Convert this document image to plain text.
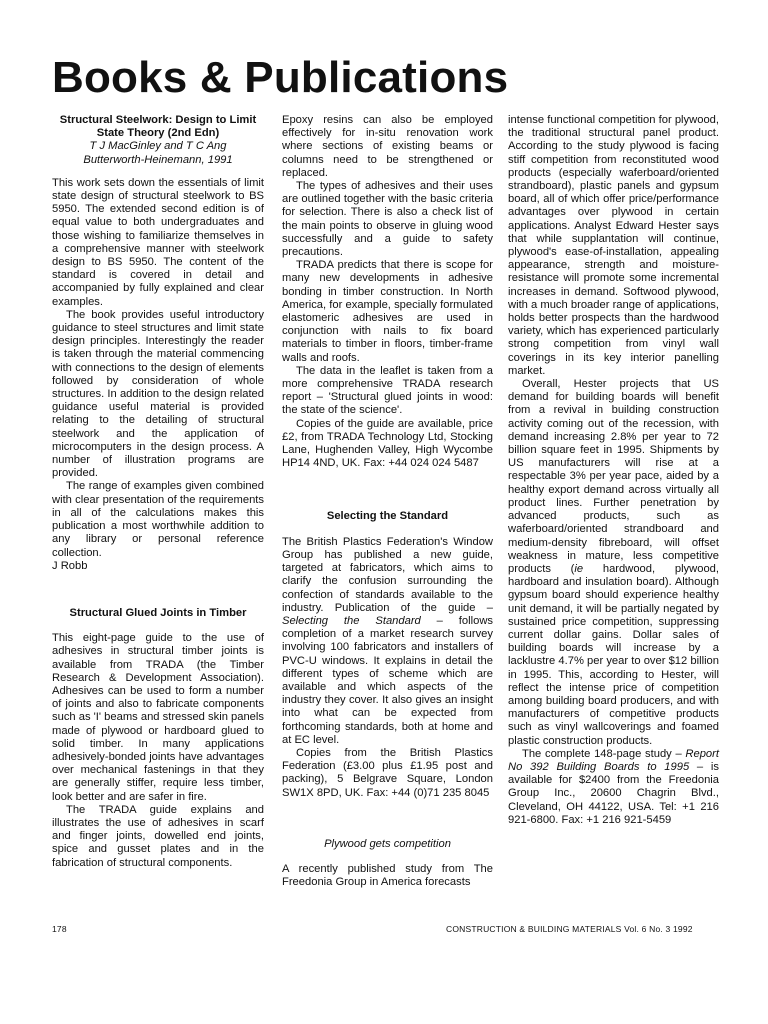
Books & Publications
Structural Steelwork: Design to Limit State Theory (2nd Edn)
T J MacGinley and T C Ang
Butterworth-Heinemann, 1991

This work sets down the essentials of limit state design of structural steelwork to BS 5950. The extended second edition is of equal value to both undergraduates and those wishing to familiarize themselves in a comprehensive manner with steelwork design to BS 5950. The content of the standard is covered in detail and accompanied by fully explained and clear examples.

The book provides useful introductory guidance to steel structures and limit state design principles. Interestingly the reader is taken through the material commencing with connections to the design of elements followed by consideration of whole structures. In addition to the design related guidance useful material is provided relating to the detailing of structural steelwork and the application of microcomputers in the design process. A number of illustration programs are provided.

The range of examples given combined with clear presentation of the requirements in all of the calculations makes this publication a most worthwhile addition to any library or personal reference collection.

J Robb

Structural Glued Joints in Timber

This eight-page guide to the use of adhesives in structural timber joints is available from TRADA (the Timber Research & Development Association). Adhesives can be used to form a number of joints and also to fabricate components such as 'I' beams and stressed skin panels made of plywood or hardboard glued to solid timber. In many applications adhesively-bonded joints have advantages over mechanical fastenings in that they are generally stiffer, require less timber, look better and are safer in fire.

The TRADA guide explains and illustrates the use of adhesives in scarf and finger joints, dowelled end joints, spice and gusset plates and in the fabrication of structural components.

Epoxy resins can also be employed effectively for in-situ renovation work where sections of existing beams or columns need to be strengthened or replaced.

The types of adhesives and their uses are outlined together with the basic criteria for selection. There is also a check list of the main points to observe in gluing wood successfully and a guide to safety precautions.

TRADA predicts that there is scope for many new developments in adhesive bonding in timber construction. In North America, for example, specially formulated elastomeric adhesives are used in conjunction with nails to fix board materials to timber in floors, timber-frame walls and roofs.

The data in the leaflet is taken from a more comprehensive TRADA research report – 'Structural glued joints in wood: the state of the science'.

Copies of the guide are available, price £2, from TRADA Technology Ltd, Stocking Lane, Hughenden Valley, High Wycombe HP14 4ND, UK. Fax: +44 024 024 5487

Selecting the Standard

The British Plastics Federation's Window Group has published a new guide, targeted at fabricators, which aims to clarify the confusion surrounding the confection of standards available to the industry. Publication of the guide – Selecting the Standard – follows completion of a market research survey involving 100 fabricators and installers of PVC-U windows. It explains in detail the different types of scheme which are available and which aspects of the industry they cover. It also gives an insight into what can be expected from forthcoming standards, both at home and at EC level.

Copies from the British Plastics Federation (£3.00 plus £1.95 post and packing), 5 Belgrave Square, London SW1X 8PD, UK. Fax: +44 (0)71 235 8045

Plywood gets competition

A recently published study from The Freedonia Group in America forecasts

intense functional competition for plywood, the traditional structural panel product. According to the study plywood is facing stiff competition from reconstituted wood products (especially waferboard/oriented strandboard), plastic panels and gypsum board, all of which offer price/performance advantages over plywood in certain applications. Analyst Edward Hester says that while supplantation will continue, plywood's ease-of-installation, appealing appearance, strength and moisture-resistance will promote some incremental increases in demand. Softwood plywood, with a much broader range of applications, holds better prospects than the hardwood variety, which has experienced particularly strong competition from vinyl wall coverings in its key interior panelling market.

Overall, Hester projects that US demand for building boards will benefit from a revival in building construction activity coming out of the recession, with demand increasing 2.8% per year to 72 billion square feet in 1995. Shipments by US manufacturers will rise at a respectable 3% per year pace, aided by a healthy export demand across virtually all product lines. Further penetration by advanced products, such as waferboard/oriented strandboard and medium-density fibreboard, will offset weakness in mature, less competitive products (ie hardwood, plywood, hardboard and insulation board). Although gypsum board should experience healthy unit demand, it will be partially negated by sustained price competition, suppressing current dollar gains. Dollar sales of building boards will increase by a lacklustre 4.7% per year to over $12 billion in 1995. This, according to Hester, will reflect the intense price of competition among building board producers, and with manufacturers of competitive products such as vinyl wallcoverings and foamed plastic construction products.

The complete 148-page study – Report No 392 Building Boards to 1995 – is available for $2400 from the Freedonia Group Inc., 20600 Chagrin Blvd., Cleveland, OH 44122, USA. Tel: +1 216 921-6800. Fax: +1 216 921-5459

178	CONSTRUCTION & BUILDING MATERIALS Vol. 6 No. 3 1992
